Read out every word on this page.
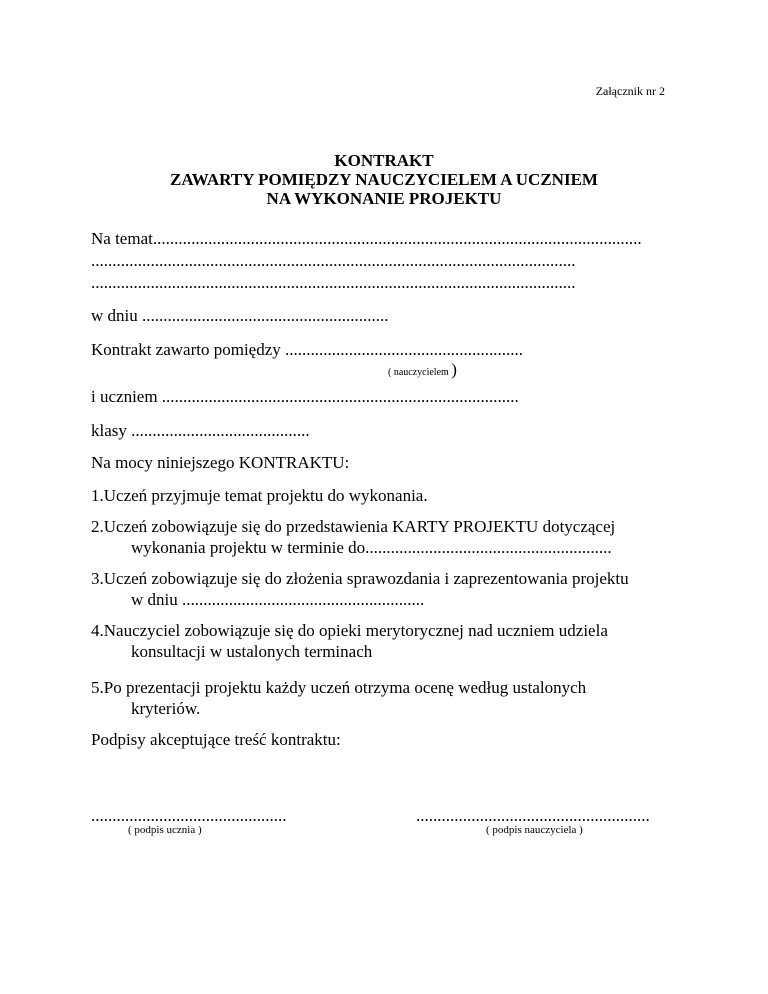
Załącznik nr 2
KONTRAKT
ZAWARTY POMIĘDZY NAUCZYCIELEM A UCZNIEM
NA WYKONANIE PROJEKTU
Na temat...................................................................................................................
..................................................................................................................
..................................................................................................................
w dniu ..........................................................
Kontrakt zawarto pomiędzy ........................................................
( nauczycielem )
i uczniem ....................................................................................
klasy ..........................................
Na mocy niniejszego KONTRAKTU:
1.Uczeń przyjmuje temat projektu do wykonania.
2.Uczeń zobowiązuje się do przedstawienia KARTY PROJEKTU dotyczącej
wykonania projektu w terminie do..........................................................
3.Uczeń zobowiązuje się do złożenia sprawozdania i zaprezentowania projektu
w dniu .........................................................
4.Nauczyciel zobowiązuje się do opieki merytorycznej nad uczniem udziela
konsultacji w ustalonych terminach
5.Po prezentacji projektu każdy uczeń otrzyma ocenę według ustalonych
kryteriów.
Podpisy akceptujące treść kontraktu:
..............................................
( podpis ucznia )
.......................................................
( podpis nauczyciela )
